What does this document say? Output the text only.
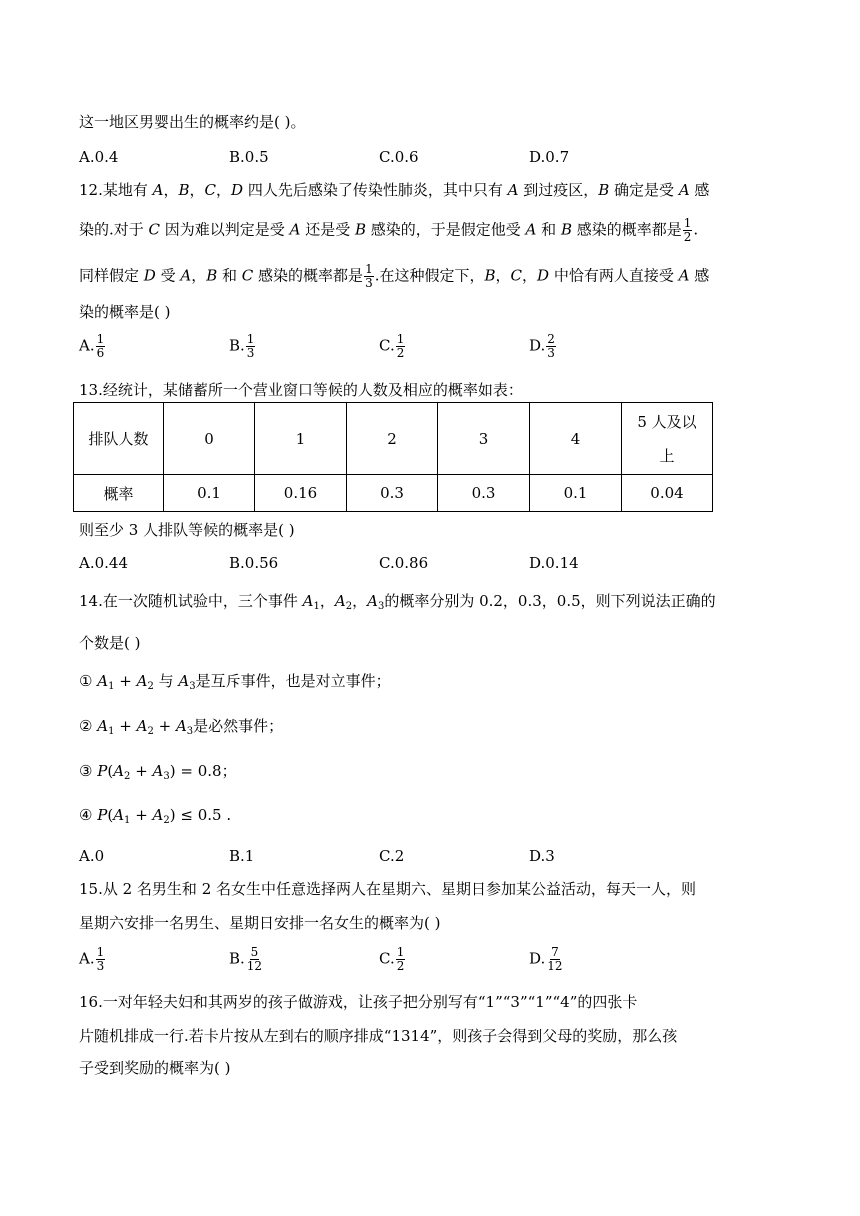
这一地区男婴出生的概率约是( )。
A.0.4	B.0.5	C.0.6	D.0.7
12.某地有 A，B，C，D 四人先后感染了传染性肺炎，其中只有 A 到过疫区，B 确定是受 A 感
染的.对于 C 因为难以判定是受 A 还是受 B 感染的，于是假定他受 A 和 B 感染的概率都是 $\frac{1}{2}$ .
同样假定 D 受 A，B 和 C 感染的概率都是 $\frac{1}{3}$ .在这种假定下，B，C，D 中恰有两人直接受 A 感
染的概率是( )
A. $\frac{1}{6}$	B. $\frac{1}{3}$	C. $\frac{1}{2}$	D. $\frac{2}{3}$
13.经统计，某储蓄所一个营业窗口等候的人数及相应的概率如表：
排队人数	0	1	2	3	4	5 人及以
上
概率	0.1	0.16	0.3	0.3	0.1	0.04
则至少 3 人排队等候的概率是( )
A.0.44	B.0.56	C.0.86	D.0.14
14.在一次随机试验中，三个事件 $A_1$，$A_2$，$A_3$的概率分别为 0.2，0.3，0.5，则下列说法正确的
个数是( )
① $A_1 + A_2$ 与 $A_3$是互斥事件，也是对立事件；
② $A_1 + A_2 + A_3$是必然事件；
③ $P(A_2 + A_3) = 0.8$；
④ $P(A_1 + A_2) \le 0.5$ .
A.0	B.1	C.2	D.3
15.从 2 名男生和 2 名女生中任意选择两人在星期六、星期日参加某公益活动，每天一人，则
星期六安排一名男生、星期日安排一名女生的概率为( )
A. $\frac{1}{3}$	B. $\frac{5}{12}$	C. $\frac{1}{2}$	D. $\frac{7}{12}$
16.一对年轻夫妇和其两岁的孩子做游戏，让孩子把分别写有“1”“3”“1”“4”的四张卡
片随机排成一行.若卡片按从左到右的顺序排成“1314”，则孩子会得到父母的奖励，那么孩
子受到奖励的概率为( )
